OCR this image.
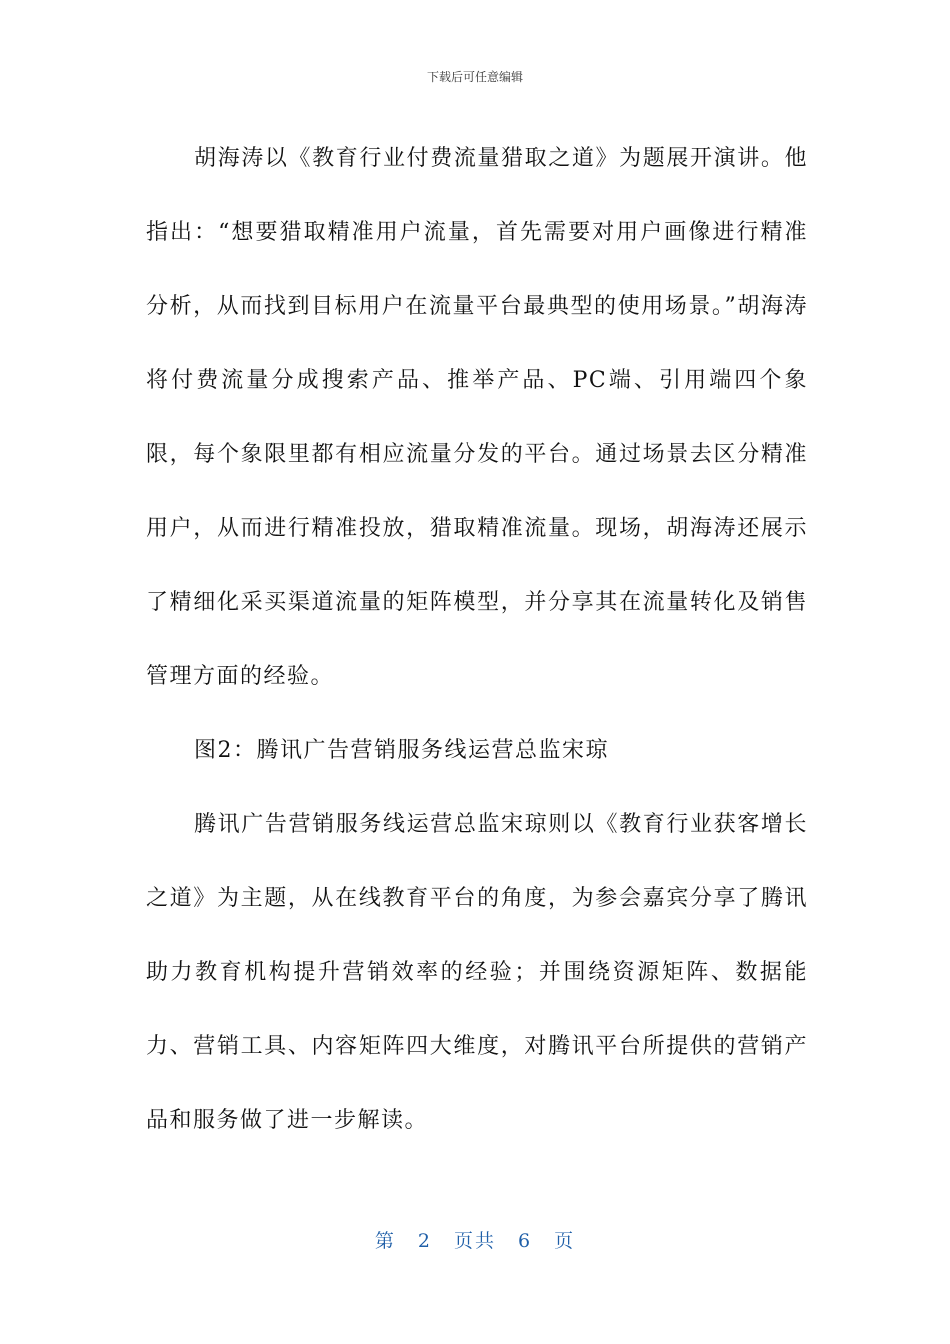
下载后可任意编辑

胡海涛以《教育行业付费流量猎取之道》为题展开演讲。他指出：“想要猎取精准用户流量，首先需要对用户画像进行精准分析，从而找到目标用户在流量平台最典型的使用场景。”胡海涛将付费流量分成搜索产品、推举产品、PC端、引用端四个象限，每个象限里都有相应流量分发的平台。通过场景去区分精准用户，从而进行精准投放，猎取精准流量。现场，胡海涛还展示了精细化采买渠道流量的矩阵模型，并分享其在流量转化及销售管理方面的经验。

图2：腾讯广告营销服务线运营总监宋琼

腾讯广告营销服务线运营总监宋琼则以《教育行业获客增长之道》为主题，从在线教育平台的角度，为参会嘉宾分享了腾讯助力教育机构提升营销效率的经验；并围绕资源矩阵、数据能力、营销工具、内容矩阵四大维度，对腾讯平台所提供的营销产品和服务做了进一步解读。

第 2 页共 6 页
